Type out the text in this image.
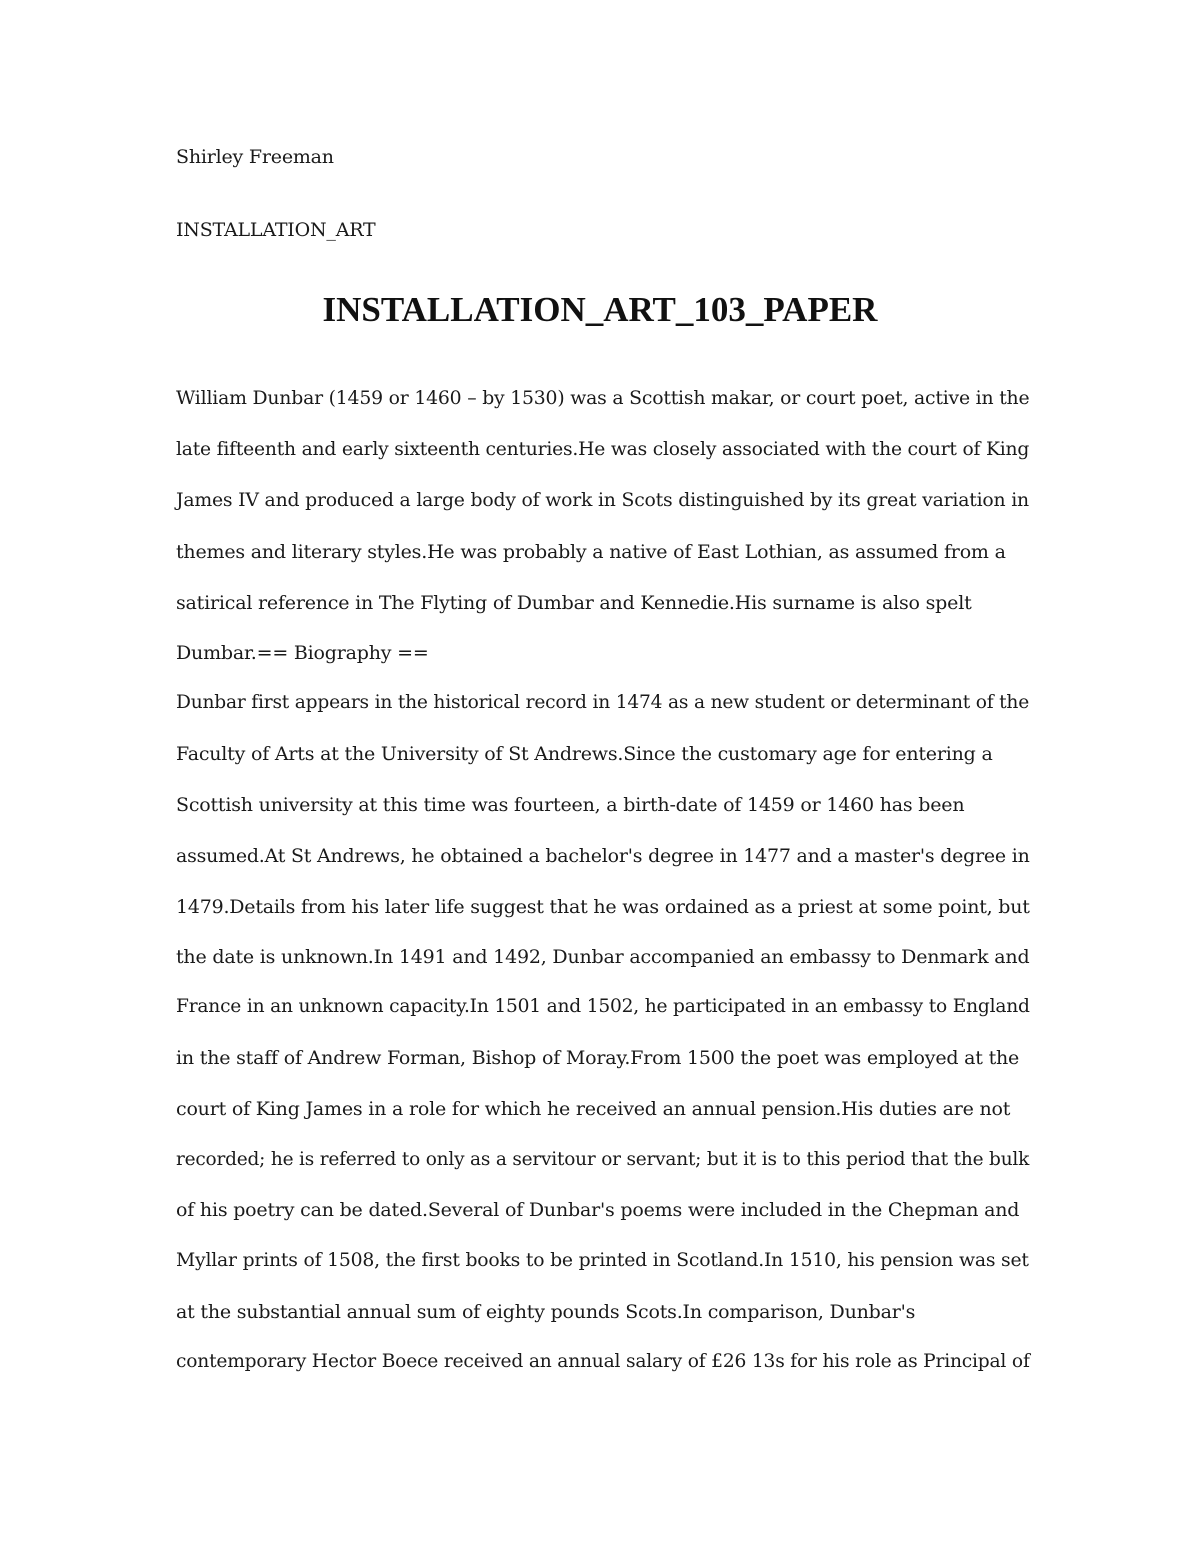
Shirley Freeman
INSTALLATION_ART
INSTALLATION_ART_103_PAPER
William Dunbar (1459 or 1460 – by 1530) was a Scottish makar, or court poet, active in the
late fifteenth and early sixteenth centuries.He was closely associated with the court of King
James IV and produced a large body of work in Scots distinguished by its great variation in
themes and literary styles.He was probably a native of East Lothian, as assumed from a
satirical reference in The Flyting of Dumbar and Kennedie.His surname is also spelt
Dumbar.== Biography ==
Dunbar first appears in the historical record in 1474 as a new student or determinant of the
Faculty of Arts at the University of St Andrews.Since the customary age for entering a
Scottish university at this time was fourteen, a birth-date of 1459 or 1460 has been
assumed.At St Andrews, he obtained a bachelor's degree in 1477 and a master's degree in
1479.Details from his later life suggest that he was ordained as a priest at some point, but
the date is unknown.In 1491 and 1492, Dunbar accompanied an embassy to Denmark and
France in an unknown capacity.In 1501 and 1502, he participated in an embassy to England
in the staff of Andrew Forman, Bishop of Moray.From 1500 the poet was employed at the
court of King James in a role for which he received an annual pension.His duties are not
recorded; he is referred to only as a servitour or servant; but it is to this period that the bulk
of his poetry can be dated.Several of Dunbar's poems were included in the Chepman and
Myllar prints of 1508, the first books to be printed in Scotland.In 1510, his pension was set
at the substantial annual sum of eighty pounds Scots.In comparison, Dunbar's
contemporary Hector Boece received an annual salary of £26 13s for his role as Principal of
